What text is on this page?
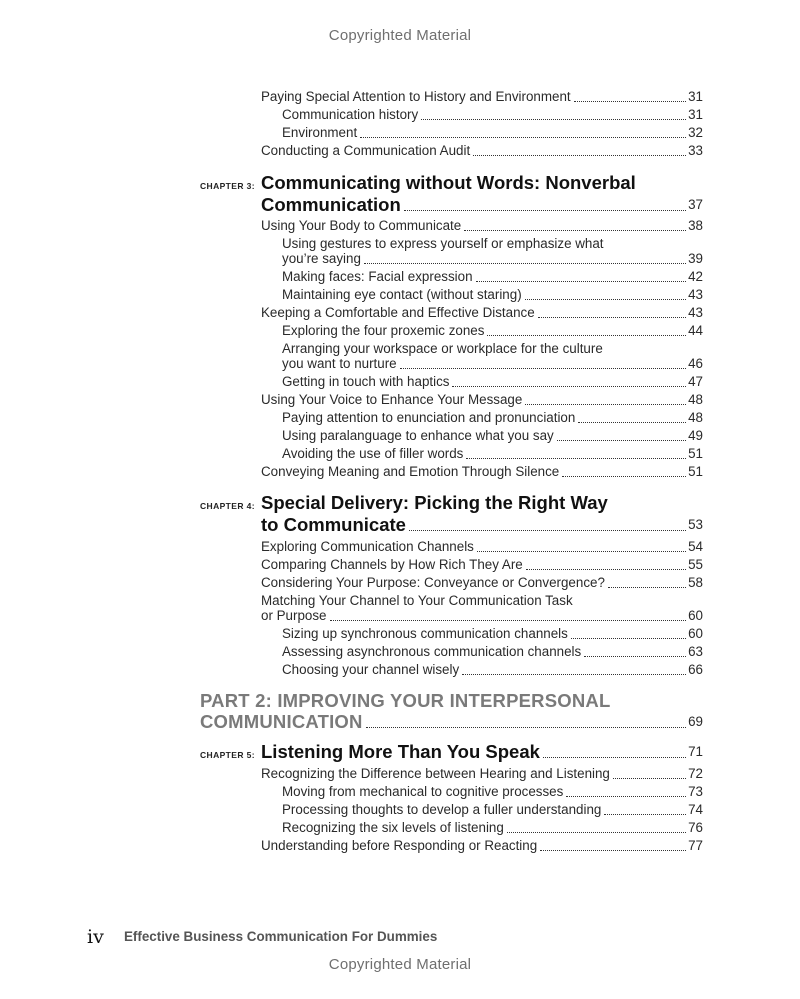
Copyrighted Material
Paying Special Attention to History and Environment	31
Communication history	31
Environment	32
Conducting a Communication Audit	33
CHAPTER 3: Communicating without Words: Nonverbal
Communication	37
Using Your Body to Communicate	38
Using gestures to express yourself or emphasize what
you’re saying	39
Making faces: Facial expression	42
Maintaining eye contact (without staring)	43
Keeping a Comfortable and Effective Distance	43
Exploring the four proxemic zones	44
Arranging your workspace or workplace for the culture
you want to nurture	46
Getting in touch with haptics	47
Using Your Voice to Enhance Your Message	48
Paying attention to enunciation and pronunciation	48
Using paralanguage to enhance what you say	49
Avoiding the use of filler words	51
Conveying Meaning and Emotion Through Silence	51
CHAPTER 4: Special Delivery: Picking the Right Way
to Communicate	53
Exploring Communication Channels	54
Comparing Channels by How Rich They Are	55
Considering Your Purpose: Conveyance or Convergence?	58
Matching Your Channel to Your Communication Task
or Purpose	60
Sizing up synchronous communication channels	60
Assessing asynchronous communication channels	63
Choosing your channel wisely	66
PART 2: IMPROVING YOUR INTERPERSONAL
COMMUNICATION	69
CHAPTER 5: Listening More Than You Speak	71
Recognizing the Difference between Hearing and Listening	72
Moving from mechanical to cognitive processes	73
Processing thoughts to develop a fuller understanding	74
Recognizing the six levels of listening	76
Understanding before Responding or Reacting	77
iv Effective Business Communication For Dummies
Copyrighted Material
